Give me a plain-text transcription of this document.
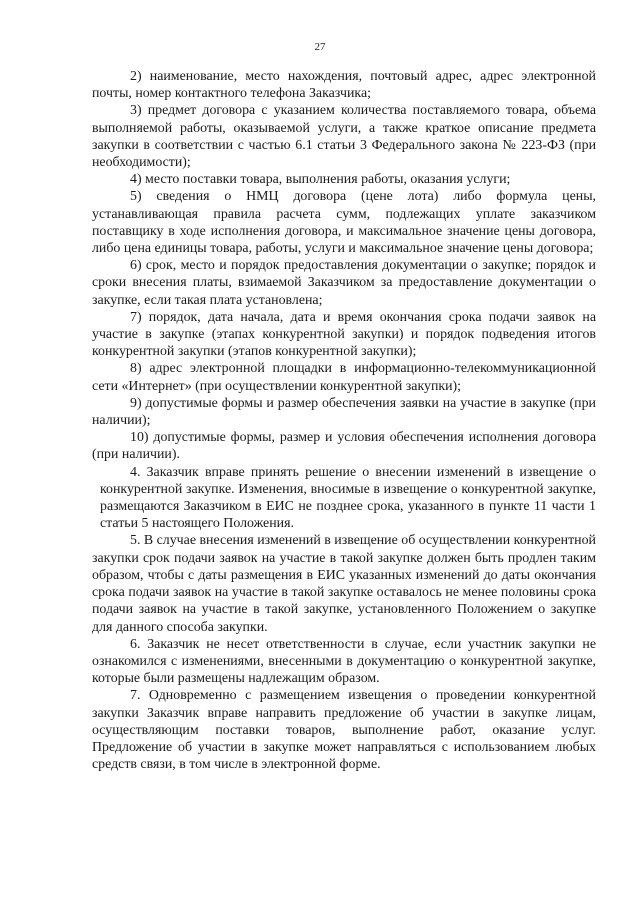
27

2) наименование, место нахождения, почтовый адрес, адрес электронной почты, номер контактного телефона Заказчика;

3) предмет договора с указанием количества поставляемого товара, объема выполняемой работы, оказываемой услуги, а также краткое описание предмета закупки в соответствии с частью 6.1 статьи 3 Федерального закона № 223-ФЗ (при необходимости);

4) место поставки товара, выполнения работы, оказания услуги;

5) сведения о НМЦ договора (цене лота) либо формула цены, устанавливающая правила расчета сумм, подлежащих уплате заказчиком поставщику в ходе исполнения договора, и максимальное значение цены договора, либо цена единицы товара, работы, услуги и максимальное значение цены договора;

6) срок, место и порядок предоставления документации о закупке; порядок и сроки внесения платы, взимаемой Заказчиком за предоставление документации о закупке, если такая плата установлена;

7) порядок, дата начала, дата и время окончания срока подачи заявок на участие в закупке (этапах конкурентной закупки) и порядок подведения итогов конкурентной закупки (этапов конкурентной закупки);

8) адрес электронной площадки в информационно-телекоммуникационной сети «Интернет» (при осуществлении конкурентной закупки);

9) допустимые формы и размер обеспечения заявки на участие в закупке (при наличии);

10) допустимые формы, размер и условия обеспечения исполнения договора (при наличии).

4. Заказчик вправе принять решение о внесении изменений в извещение о конкурентной закупке. Изменения, вносимые в извещение о конкурентной закупке, размещаются Заказчиком в ЕИС не позднее срока, указанного в пункте 11 части 1 статьи 5 настоящего Положения.

5. В случае внесения изменений в извещение об осуществлении конкурентной закупки срок подачи заявок на участие в такой закупке должен быть продлен таким образом, чтобы с даты размещения в ЕИС указанных изменений до даты окончания срока подачи заявок на участие в такой закупке оставалось не менее половины срока подачи заявок на участие в такой закупке, установленного Положением о закупке для данного способа закупки.

6. Заказчик не несет ответственности в случае, если участник закупки не ознакомился с изменениями, внесенными в документацию о конкурентной закупке, которые были размещены надлежащим образом.

7. Одновременно с размещением извещения о проведении конкурентной закупки Заказчик вправе направить предложение об участии в закупке лицам, осуществляющим поставки товаров, выполнение работ, оказание услуг. Предложение об участии в закупке может направляться с использованием любых средств связи, в том числе в электронной форме.
